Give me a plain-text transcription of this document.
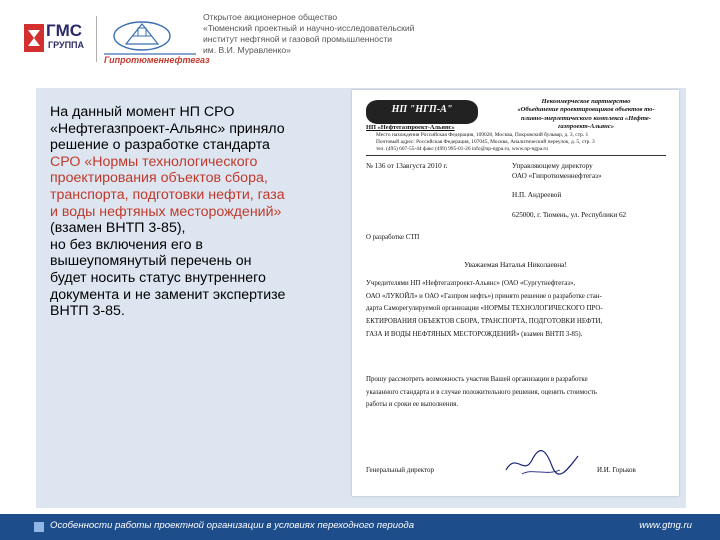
ГМС
ГРУППА
Гипротюменнефтегаз
Открытое акционерное общество
«Тюменский проектный и научно-исследовательский
институт нефтяной и газовой промышленности
им. В.И. Муравленко»
На данный момент НП СРО
«Нефтегазпроект-Альянс» приняло
решение о разработке стандарта
СРО «Нормы технологического
проектирования объектов сбора,
транспорта, подготовки нефти, газа
и воды нефтяных месторождений»
(взамен ВНТП 3-85),
но без включения его в
вышеупомянутый перечень он
будет носить статус внутреннего
документа и не заменит экспертизе
ВНТП 3-85.
НП "НГП-А"
НП «Нефтегазпроект-Альянс»
Некоммерческое партнерство
«Объединение проектировщиков объектов то-
пливно-энергетического комплекса «Нефте-
газпроект-Альянс»
Место нахождения Российская Федерация, 109028, Москва, Покровский бульвар, д. 3, стр. 1
Почтовый адрес: Российская Федерация, 107045, Москва, Аналитический переулок, д. 5, стр. 3
тел. (495) 607-55-44 факс (499) 995-01-26 info@np-ngpa.ru, www.np-ngpa.ru
№ 136 от 13августа 2010 г.	Управляющему директору
ОАО «Гипротюменнефтегаз»

Н.П. Андреевой

625000, г. Тюмень, ул. Республики 62
О разработке СТП
Уважаемая Наталья Николаевна!
Учредителями НП «Нефтегазпроект-Альянс» (ОАО «Сургутнефтегаз»,
ОАО «ЛУКОЙЛ» и ОАО «Газпром нефть») принято решение о разработке стан-
дарта Саморегулируемой организации «НОРМЫ ТЕХНОЛОГИЧЕСКОГО ПРО-
ЕКТИРОВАНИЯ ОБЪЕКТОВ СБОРА, ТРАНСПОРТА, ПОДГОТОВКИ НЕФТИ,
ГАЗА И ВОДЫ НЕФТЯНЫХ МЕСТОРОЖДЕНИЙ» (взамен ВНТП 3-85).
Прошу рассмотреть возможность участия Вашей организации в разработке
указанного стандарта и в случае положительного решения, оценить стоимость
работы и сроки ее выполнения.
Генеральный директор	И.И. Горьков
Особенности работы проектной организации в условиях переходного периода	www.gtng.ru
